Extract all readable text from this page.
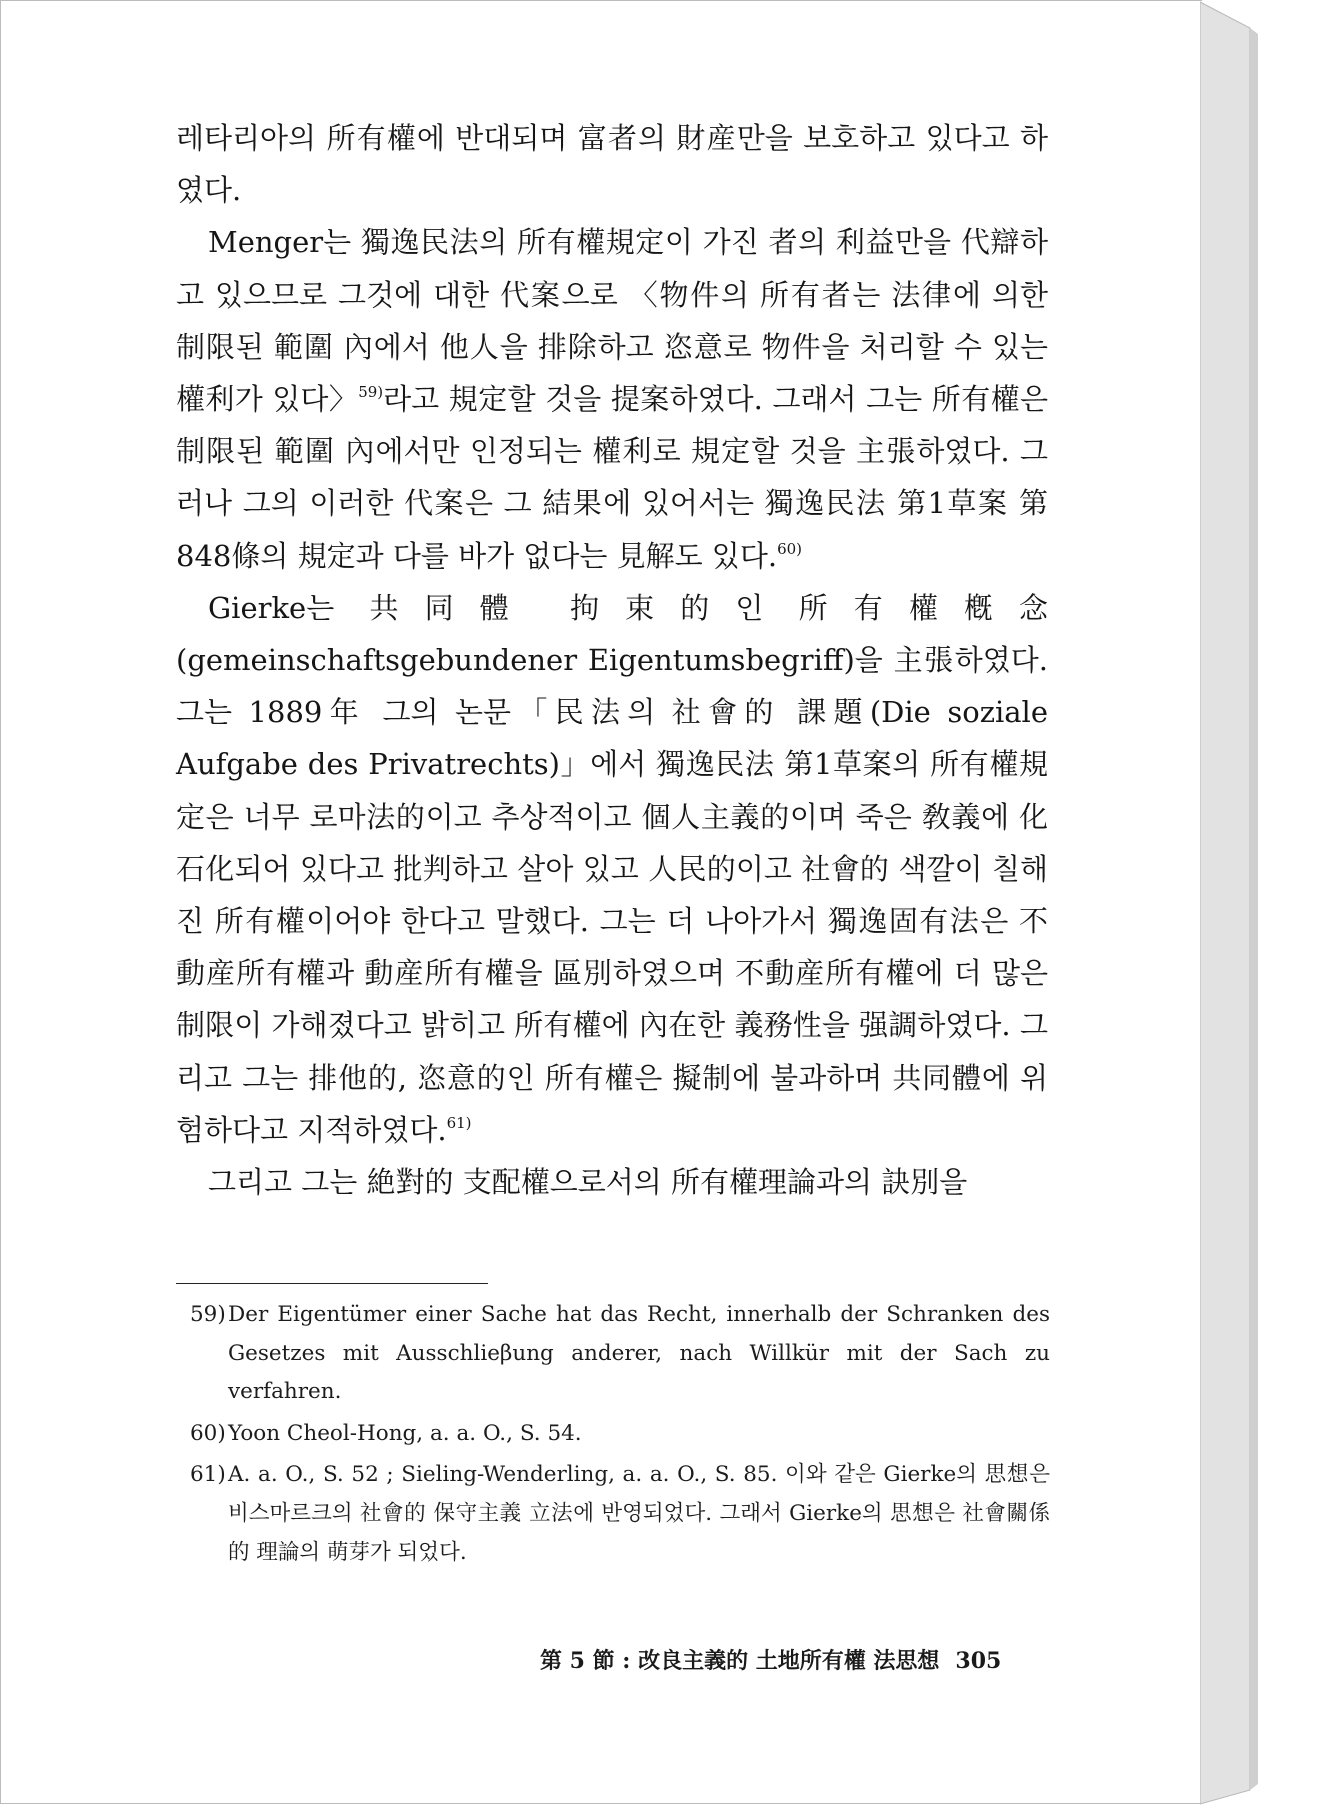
레타리아의 所有權에 반대되며 富者의 財産만을 보호하고 있다고 하였다.

Menger는 獨逸民法의 所有權規定이 가진 者의 利益만을 代辯하고 있으므로 그것에 대한 代案으로 〈物件의 所有者는 法律에 의한 制限된 範圍 內에서 他人을 排除하고 恣意로 物件을 처리할 수 있는 權利가 있다〉$^{59)}$라고 規定할 것을 提案하였다. 그래서 그는 所有權은 制限된 範圍 內에서만 인정되는 權利로 規定할 것을 主張하였다. 그러나 그의 이러한 代案은 그 結果에 있어서는 獨逸民法 第1草案 第848條의 規定과 다를 바가 없다는 見解도 있다.$^{60)}$

Gierke는 共同體 拘束的인 所有權槪念(gemeinschaftsgebundener Eigentumsbegriff)을 主張하였다. 그는 1889年 그의 논문「民法의 社會的 課題(Die soziale Aufgabe des Privatrechts)」에서 獨逸民法 第1草案의 所有權規定은 너무 로마法的이고 추상적이고 個人主義的이며 죽은 敎義에 化石化되어 있다고 批判하고 살아 있고 人民的이고 社會的 색깔이 칠해진 所有權이어야 한다고 말했다. 그는 더 나아가서 獨逸固有法은 不動産所有權과 動産所有權을 區別하였으며 不動産所有權에 더 많은 制限이 가해졌다고 밝히고 所有權에 內在한 義務性을 强調하였다. 그리고 그는 排他的, 恣意的인 所有權은 擬制에 불과하며 共同體에 위험하다고 지적하였다.$^{61)}$

그리고 그는 絶對的 支配權으로서의 所有權理論과의 訣別을

59) Der Eigentümer einer Sache hat das Recht, innerhalb der Schranken des Gesetzes mit Ausschlieβung anderer, nach Willkür mit der Sach zu verfahren.

60) Yoon Cheol-Hong, a. a. O., S. 54.

61) A. a. O., S. 52 ; Sieling-Wenderling, a. a. O., S. 85. 이와 같은 Gierke의 思想은 비스마르크의 社會的 保守主義 立法에 반영되었다. 그래서 Gierke의 思想은 社會關係的 理論의 萌芽가 되었다.

第 5 節 : 改良主義的 土地所有權 法思想 305
